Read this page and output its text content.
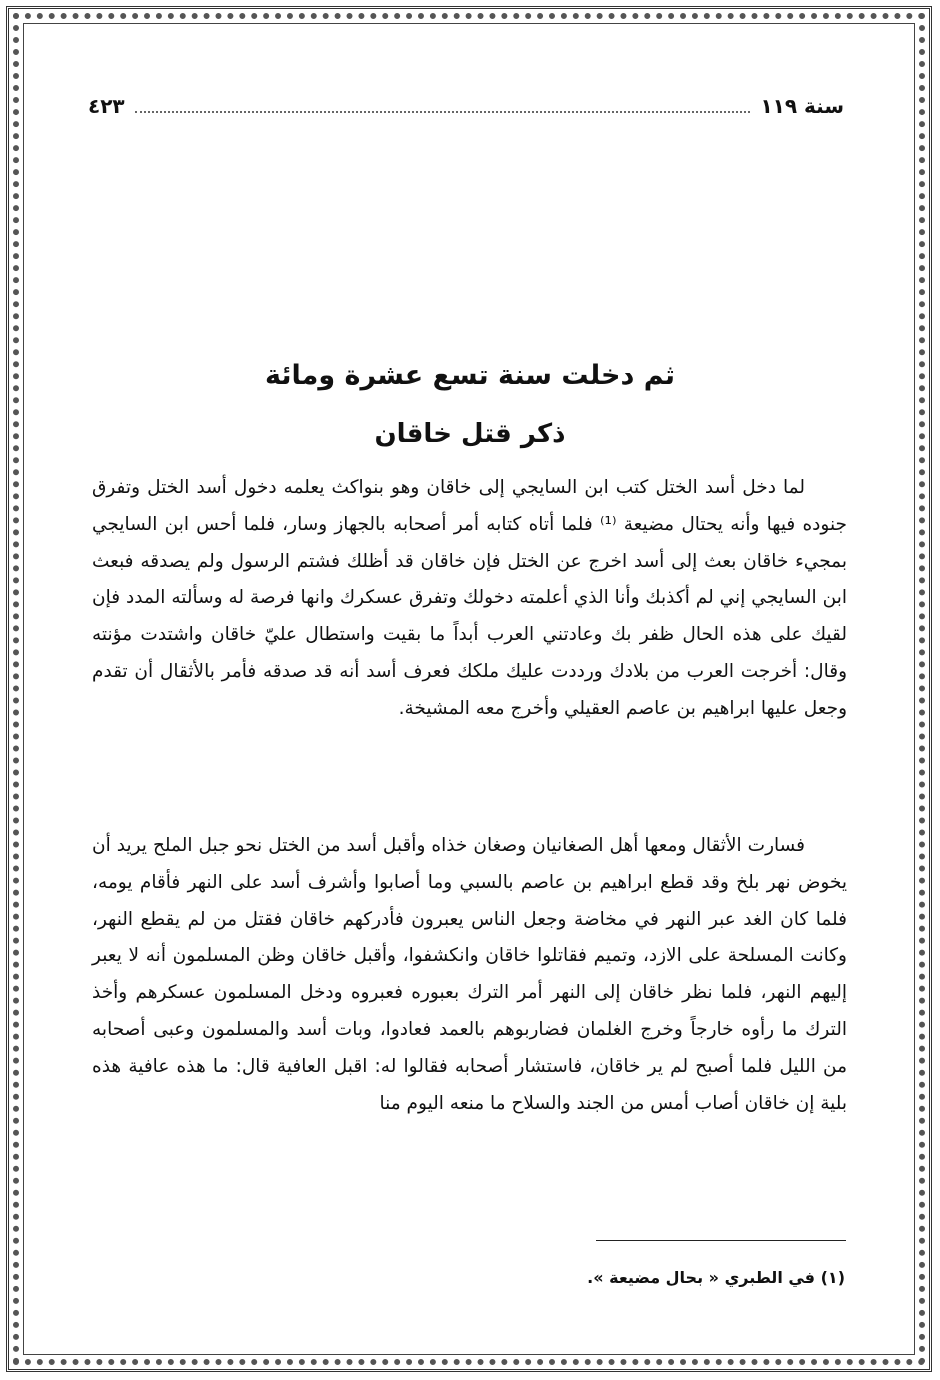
سنة ١١٩
٤٢٣
ثم دخلت سنة تسع عشرة ومائة
ذكر قتل خاقان

لما دخل أسد الختل كتب ابن السايجي إلى خاقان وهو بنواكث يعلمه دخول أسد الختل وتفرق جنوده فيها وأنه يحتال مضيعة ⁽¹⁾ فلما أتاه كتابه أمر أصحابه بالجهاز وسار، فلما أحس ابن السايجي بمجيء خاقان بعث إلى أسد اخرج عن الختل فإن خاقان قد أظلك فشتم الرسول ولم يصدقه فبعث ابن السايجي إني لم أكذبك وأنا الذي أعلمته دخولك وتفرق عسكرك وانها فرصة له وسألته المدد فإن لقيك على هذه الحال ظفر بك وعادتني العرب أبداً ما بقيت واستطال عليّ خاقان واشتدت مؤنته وقال: أخرجت العرب من بلادك ورددت عليك ملكك فعرف أسد أنه قد صدقه فأمر بالأثقال أن تقدم وجعل عليها ابراهيم بن عاصم العقيلي وأخرج معه المشيخة.

فسارت الأثقال ومعها أهل الصغانيان وصغان خذاه وأقبل أسد من الختل نحو جبل الملح يريد أن يخوض نهر بلخ وقد قطع ابراهيم بن عاصم بالسبي وما أصابوا وأشرف أسد على النهر فأقام يومه، فلما كان الغد عبر النهر في مخاضة وجعل الناس يعبرون فأدركهم خاقان فقتل من لم يقطع النهر، وكانت المسلحة على الازد، وتميم فقاتلوا خاقان وانكشفوا، وأقبل خاقان وظن المسلمون أنه لا يعبر إليهم النهر، فلما نظر خاقان إلى النهر أمر الترك بعبوره فعبروه ودخل المسلمون عسكرهم وأخذ الترك ما رأوه خارجاً وخرج الغلمان فضاربوهم بالعمد فعادوا، وبات أسد والمسلمون وعبى أصحابه من الليل فلما أصبح لم ير خاقان، فاستشار أصحابه فقالوا له: اقبل العافية قال: ما هذه عافية هذه بلية إن خاقان أصاب أمس من الجند والسلاح ما منعه اليوم منا

(١) في الطبري « بحال مضيعة ».
